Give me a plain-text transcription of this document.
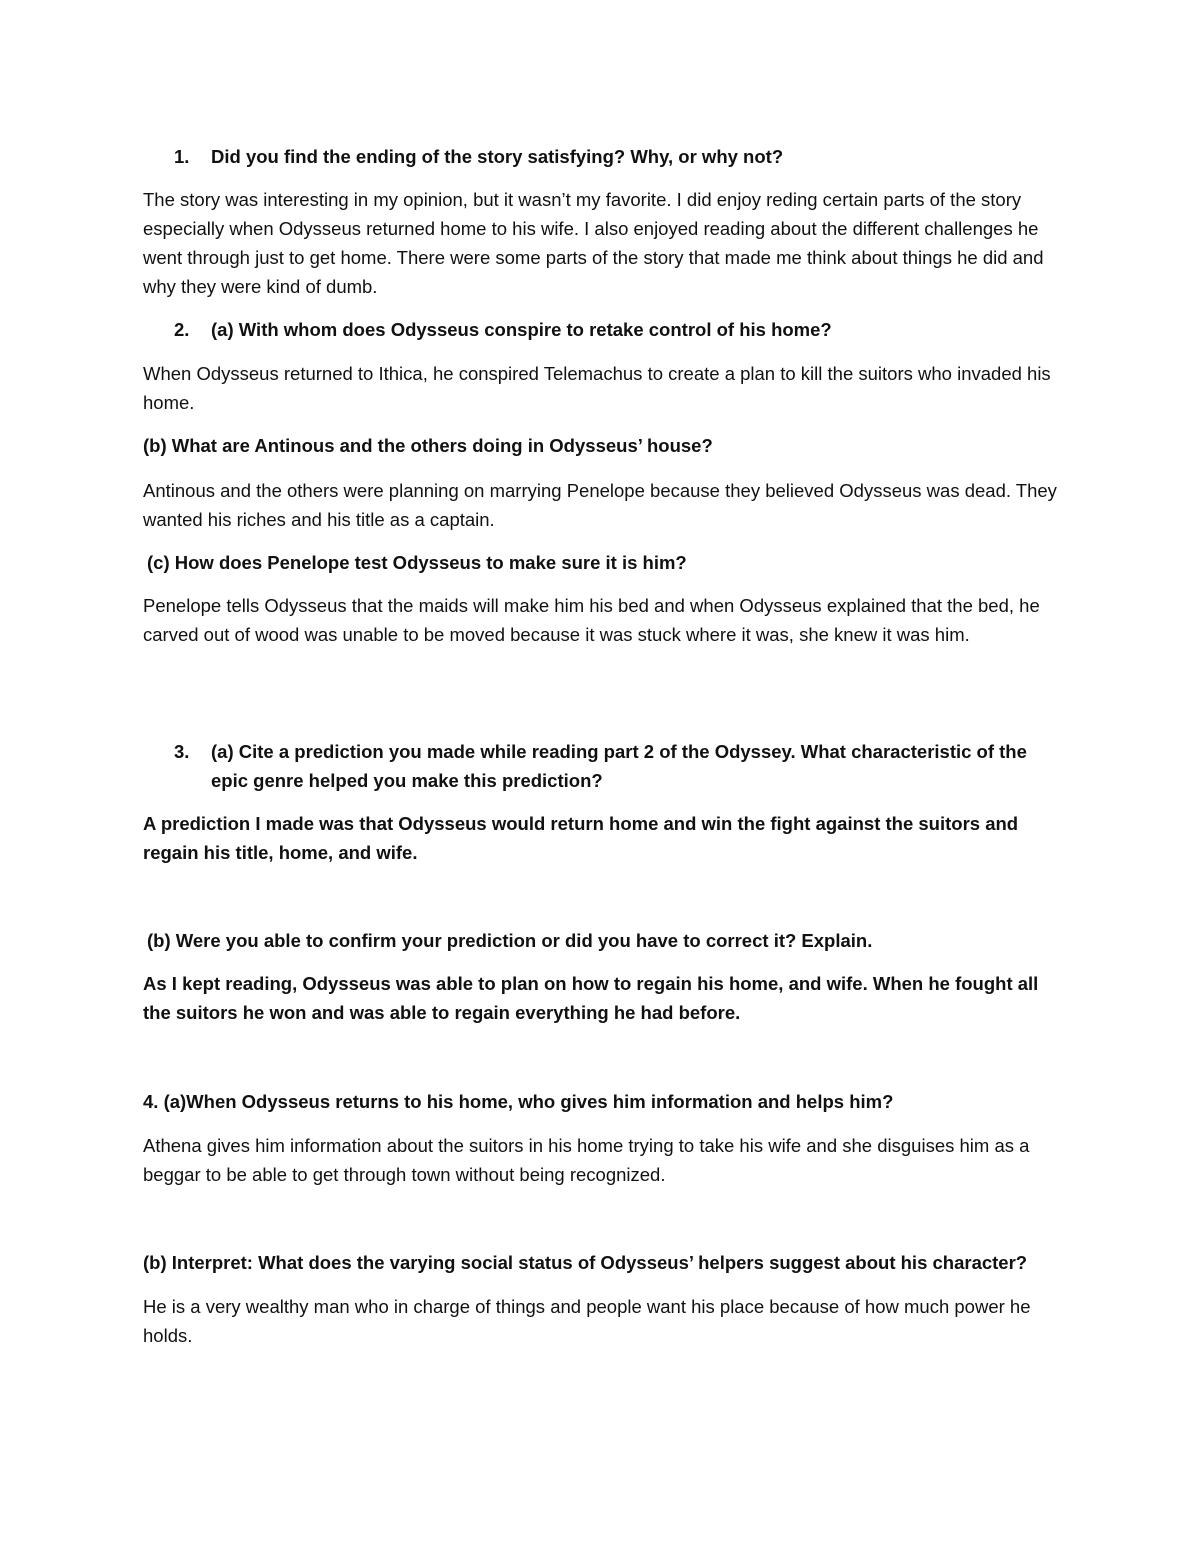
1. Did you find the ending of the story satisfying? Why, or why not?
The story was interesting in my opinion, but it wasn’t my favorite. I did enjoy reding certain parts of the story especially when Odysseus returned home to his wife. I also enjoyed reading about the different challenges he went through just to get home. There were some parts of the story that made me think about things he did and why they were kind of dumb.
2. (a) With whom does Odysseus conspire to retake control of his home?
When Odysseus returned to Ithica, he conspired Telemachus to create a plan to kill the suitors who invaded his home.
(b) What are Antinous and the others doing in Odysseus’ house?
Antinous and the others were planning on marrying Penelope because they believed Odysseus was dead. They wanted his riches and his title as a captain.
(c) How does Penelope test Odysseus to make sure it is him?
Penelope tells Odysseus that the maids will make him his bed and when Odysseus explained that the bed, he carved out of wood was unable to be moved because it was stuck where it was, she knew it was him.
3. (a) Cite a prediction you made while reading part 2 of the Odyssey. What characteristic of the epic genre helped you make this prediction?
A prediction I made was that Odysseus would return home and win the fight against the suitors and regain his title, home, and wife.
(b) Were you able to confirm your prediction or did you have to correct it? Explain.
As I kept reading, Odysseus was able to plan on how to regain his home, and wife. When he fought all the suitors he won and was able to regain everything he had before.
4. (a)When Odysseus returns to his home, who gives him information and helps him?
Athena gives him information about the suitors in his home trying to take his wife and she disguises him as a beggar to be able to get through town without being recognized.
(b) Interpret: What does the varying social status of Odysseus’ helpers suggest about his character?
He is a very wealthy man who in charge of things and people want his place because of how much power he holds.
